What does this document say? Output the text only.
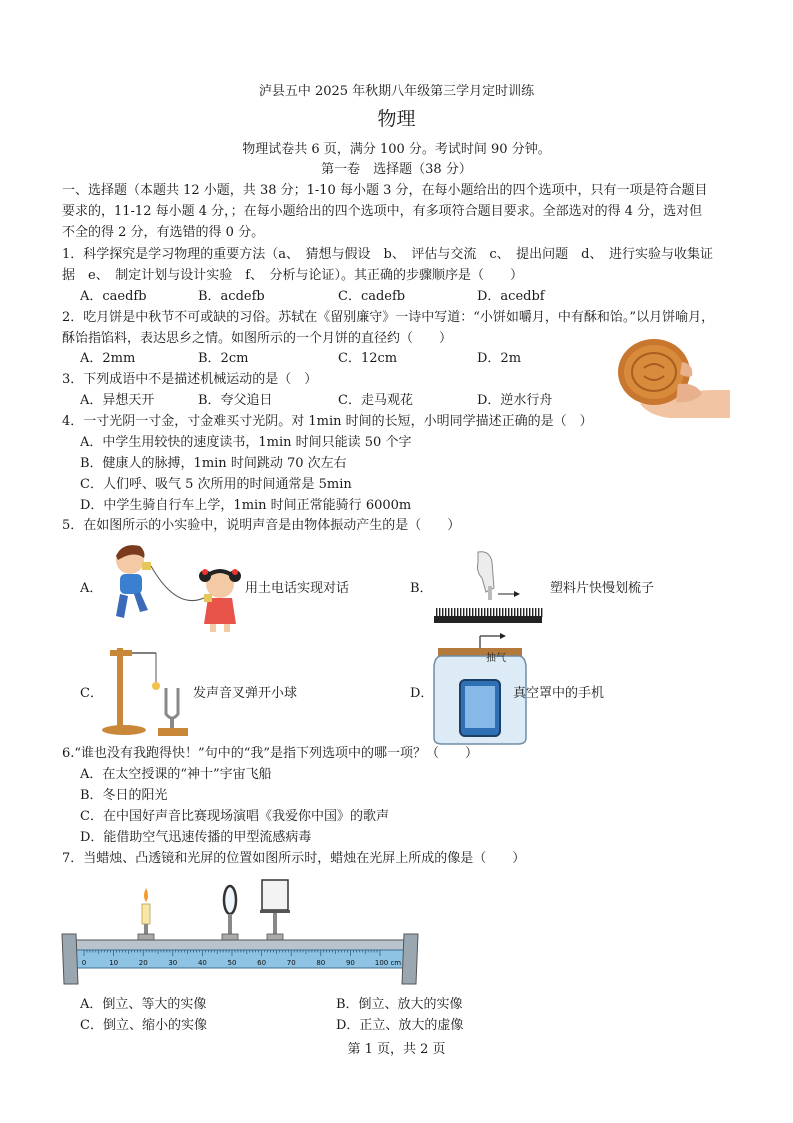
泸县五中 2025 年秋期八年级第三学月定时训练
物理
物理试卷共 6 页，满分 100 分。考试时间 90 分钟。
第一卷　选择题（38 分）
一、选择题（本题共 12 小题，共 38 分；1-10 每小题 3 分，在每小题给出的四个选项中，只有一项是符合题目
要求的，11-12 每小题 4 分，；在每小题给出的四个选项中，有多项符合题目要求。全部选对的得 4 分，选对但
不全的得 2 分，有选错的得 0 分。
1．科学探究是学习物理的重要方法（a、　猜想与假设　b、　评估与交流　c、　提出问题　d、　进行实验与收集证
据　e、　制定计划与设计实验　f、　分析与论证）。其正确的步骤顺序是（　　）
A．caedfb	B．acdefb	C．cadefb	D．acedbf
2．吃月饼是中秋节不可或缺的习俗。苏轼在《留别廉守》一诗中写道：“小饼如嚼月，中有酥和饴。”以月饼喻月，
酥饴指馅料，表达思乡之情。如图所示的一个月饼的直径约（　　）
A．2mm	B．2cm	C．12cm	D．2m
3．下列成语中不是描述机械运动的是（　）
A．异想天开	B．夸父追日	C．走马观花	D．逆水行舟
4．一寸光阴一寸金，寸金难买寸光阴。对 1min 时间的长短，小明同学描述正确的是（　）
A．中学生用较快的速度读书，1min 时间只能读 50 个字
B．健康人的脉搏，1min 时间跳动 70 次左右
C．人们呼、吸气 5 次所用的时间通常是 5min
D．中学生骑自行车上学，1min 时间正常能骑行 6000m
5．在如图所示的小实验中，说明声音是由物体振动产生的是（　　）
A．	用土电话实现对话	B．	塑料片快慢划梳子
C．	发声音叉弹开小球	D．
抽气
真空罩中的手机
6.“谁也没有我跑得快！”句中的“我”是指下列选项中的哪一项？（　　）
A．在太空授课的“神十”宇宙飞船
B．冬日的阳光
C．在中国好声音比赛现场演唱《我爱你中国》的歌声
D．能借助空气迅速传播的甲型流感病毒
7．当蜡烛、凸透镜和光屏的位置如图所示时，蜡烛在光屏上所成的像是（　　）
0	10	20	30	40	50	60	70	80	90	100 cm
A．倒立、等大的实像	B．倒立、放大的实像
C．倒立、缩小的实像	D．正立、放大的虚像
第 1 页，共 2 页
